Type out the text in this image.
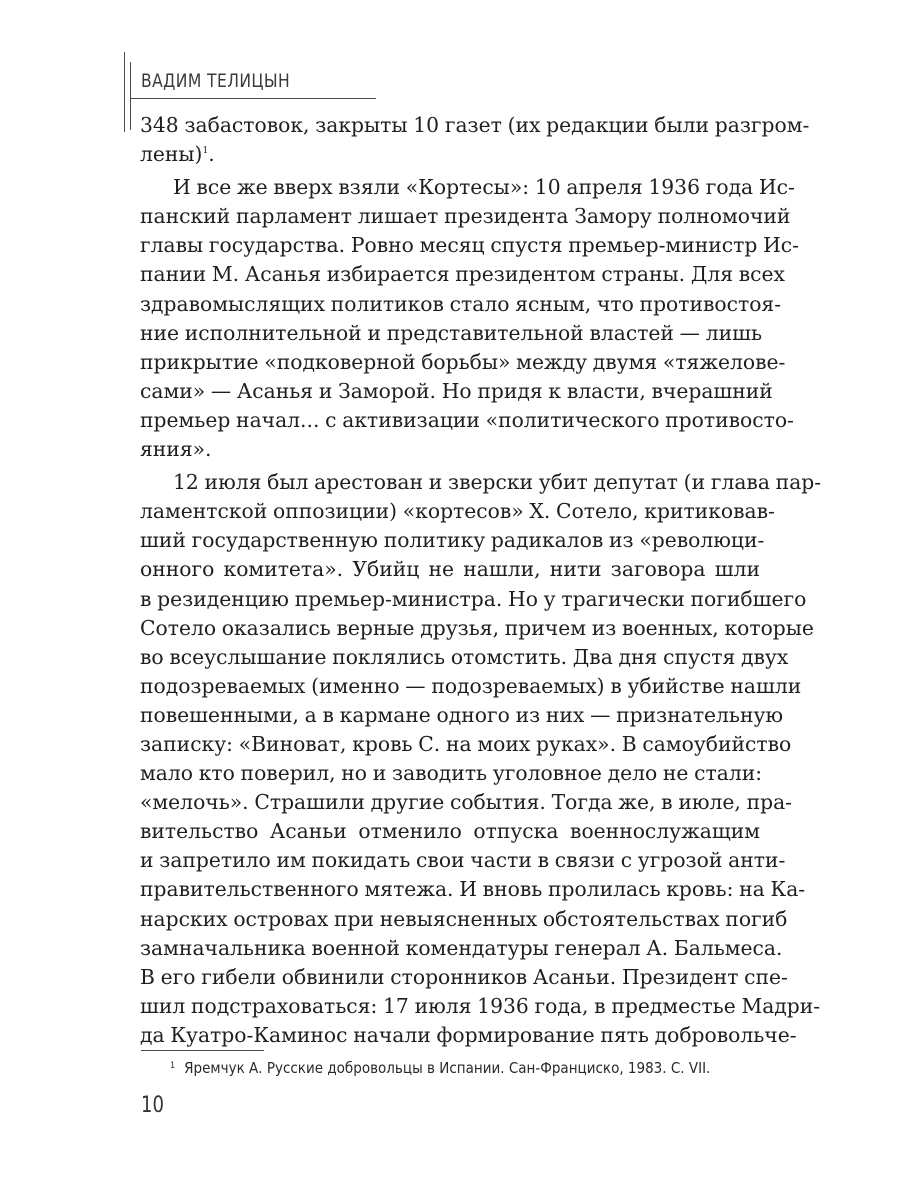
ВАДИМ ТЕЛИЦЫН
348 забастовок, закрыты 10 газет (их редакции были разгром-
лены)$^1$.
И все же вверх взяли «Кортесы»: 10 апреля 1936 года Ис-
панский парламент лишает президента Замору полномочий
главы государства. Ровно месяц спустя премьер-министр Ис-
пании М. Асанья избирается президентом страны. Для всех
здравомыслящих политиков стало ясным, что противостоя-
ние исполнительной и представительной властей — лишь
прикрытие «подковерной борьбы» между двумя «тяжелове-
сами» — Асанья и Заморой. Но придя к власти, вчерашний
премьер начал... с активизации «политического противосто-
яния».
12 июля был арестован и зверски убит депутат (и глава пар-
ламентской оппозиции) «кортесов» Х. Сотело, критиковав-
ший государственную политику радикалов из «революци-
онного комитета». Убийц не нашли, нити заговора шли
в резиденцию премьер-министра. Но у трагически погибшего
Сотело оказались верные друзья, причем из военных, которые
во всеуслышание поклялись отомстить. Два дня спустя двух
подозреваемых (именно — подозреваемых) в убийстве нашли
повешенными, а в кармане одного из них — признательную
записку: «Виноват, кровь С. на моих руках». В самоубийство
мало кто поверил, но и заводить уголовное дело не стали:
«мелочь». Страшили другие события. Тогда же, в июле, пра-
вительство Асаньи отменило отпуска военнослужащим
и запретило им покидать свои части в связи с угрозой анти-
правительственного мятежа. И вновь пролилась кровь: на Ка-
нарских островах при невыясненных обстоятельствах погиб
замначальника военной комендатуры генерал А. Бальмеса.
В его гибели обвинили сторонников Асаньи. Президент спе-
шил подстраховаться: 17 июля 1936 года, в предместье Мадри-
да Куатро-Каминос начали формирование пять добровольче-
$^1$ Яремчук А. Русские добровольцы в Испании. Сан-Франциско, 1983. С. VII.
10
